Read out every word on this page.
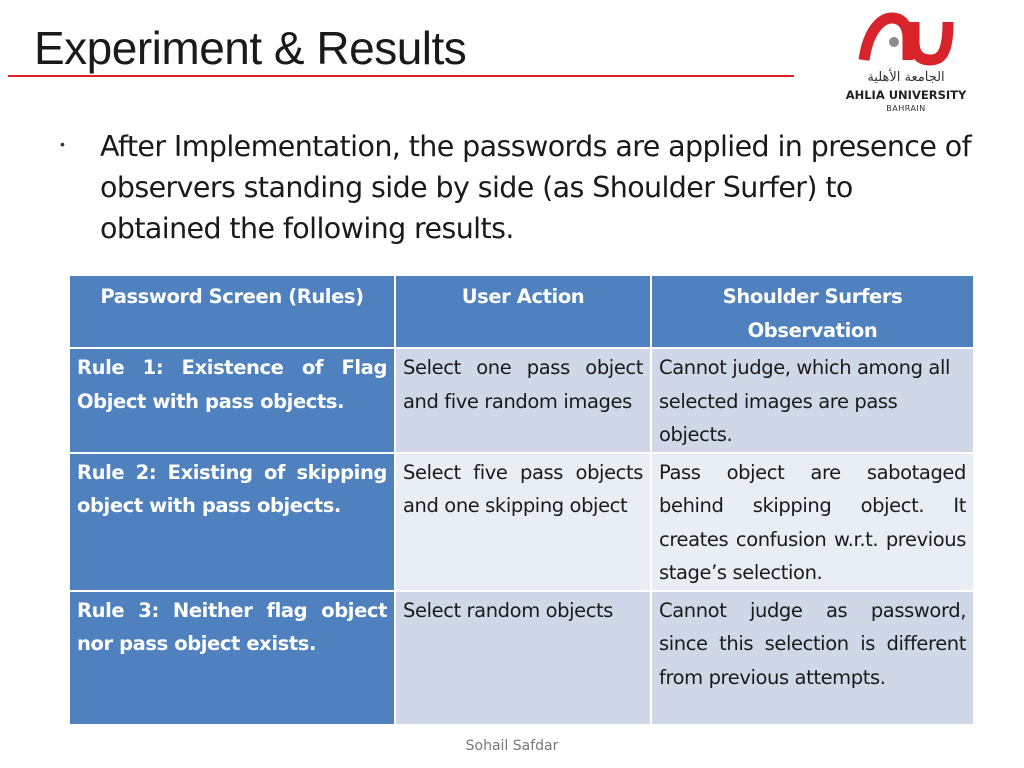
Experiment & Results
الجامعة الأهلية
AHLIA UNIVERSITY
BAHRAIN
• After Implementation, the passwords are applied in presence of observers standing side by side (as Shoulder Surfer) to obtained the following results.
Password Screen (Rules)	User Action	Shoulder Surfers Observation
Rule 1: Existence of Flag Object with pass objects.	Select one pass object and five random images	Cannot judge, which among all selected images are pass objects.
Rule 2: Existing of skipping object with pass objects.	Select five pass objects and one skipping object	Pass object are sabotaged behind skipping object. It creates confusion w.r.t. previous stage’s selection.
Rule 3: Neither flag object nor pass object exists.	Select random objects	Cannot judge as password, since this selection is different from previous attempts.
Sohail Safdar
